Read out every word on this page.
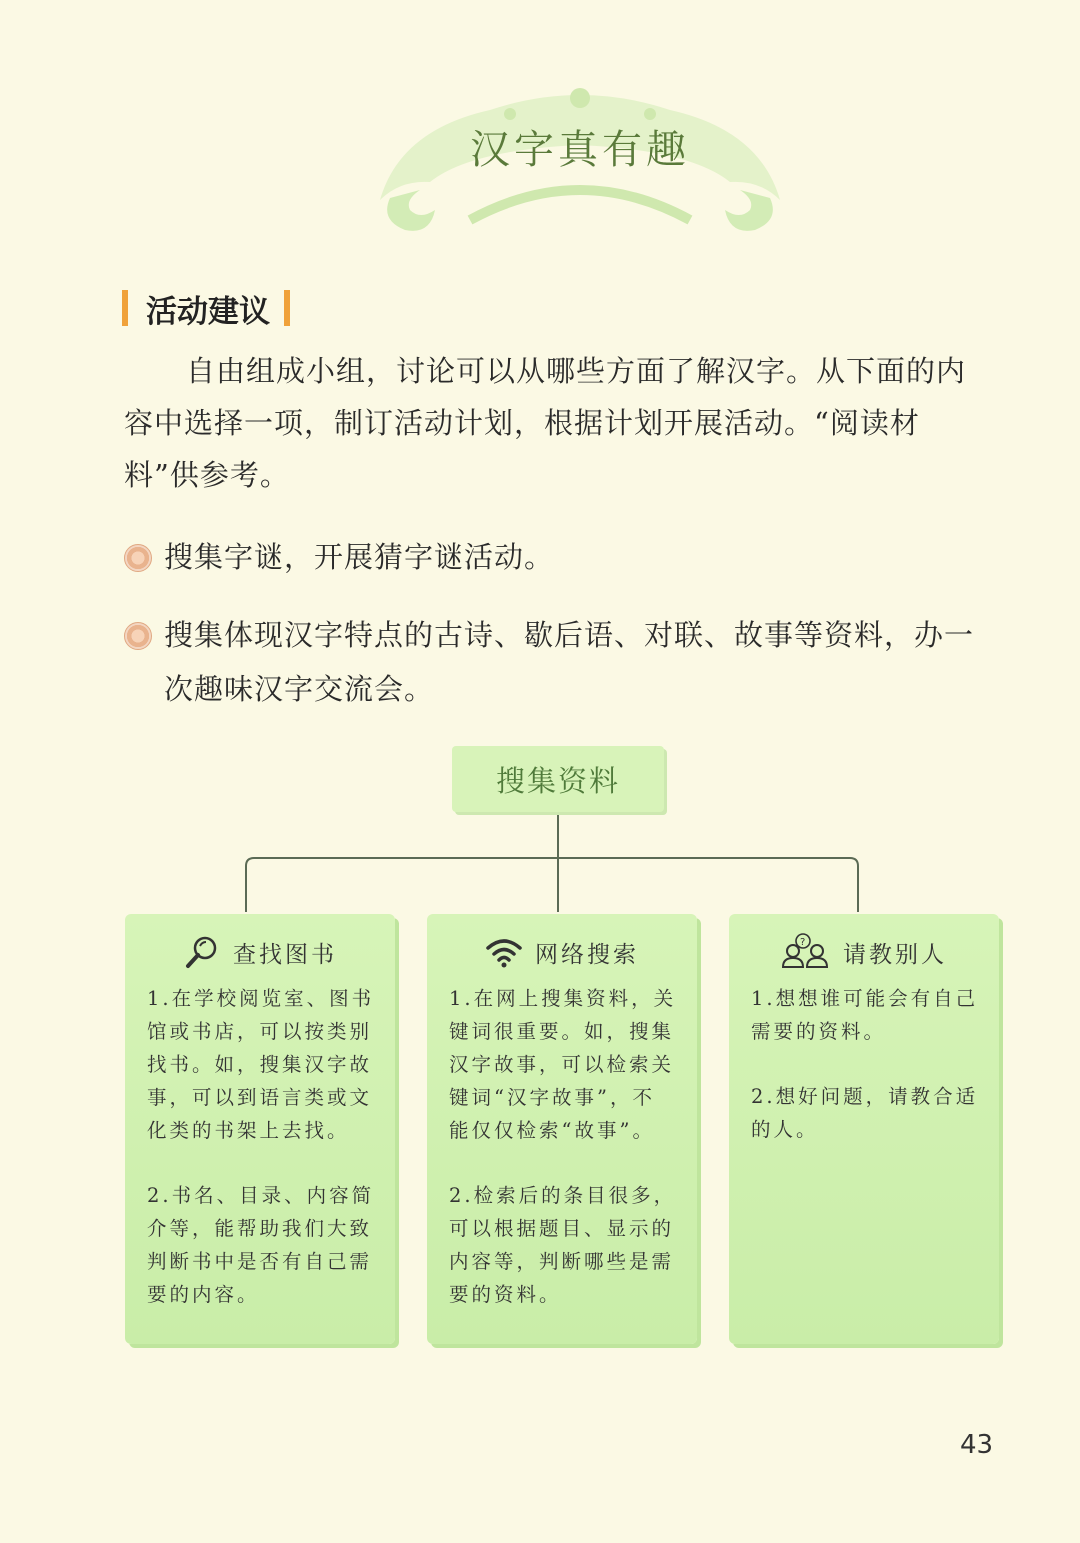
汉字真有趣
活动建议

自由组成小组，讨论可以从哪些方面了解汉字。从下面的内容中选择一项，制订活动计划，根据计划开展活动。“阅读材料”供参考。

搜集字谜，开展猜字谜活动。
搜集体现汉字特点的古诗、歇后语、对联、故事等资料，办一次趣味汉字交流会。
搜集资料
查找图书

1.在学校阅览室、图书馆或书店，可以按类别找书。如，搜集汉字故事，可以到语言类或文化类的书架上去找。

2.书名、目录、内容简介等，能帮助我们大致判断书中是否有自己需要的内容。

网络搜索

1.在网上搜集资料，关键词很重要。如，搜集汉字故事，可以检索关键词“汉字故事”，不能仅仅检索“故事”。

2.检索后的条目很多，可以根据题目、显示的内容等，判断哪些是需要的资料。

? 请教别人

1.想想谁可能会有自己需要的资料。

2.想好问题，请教合适的人。

43
